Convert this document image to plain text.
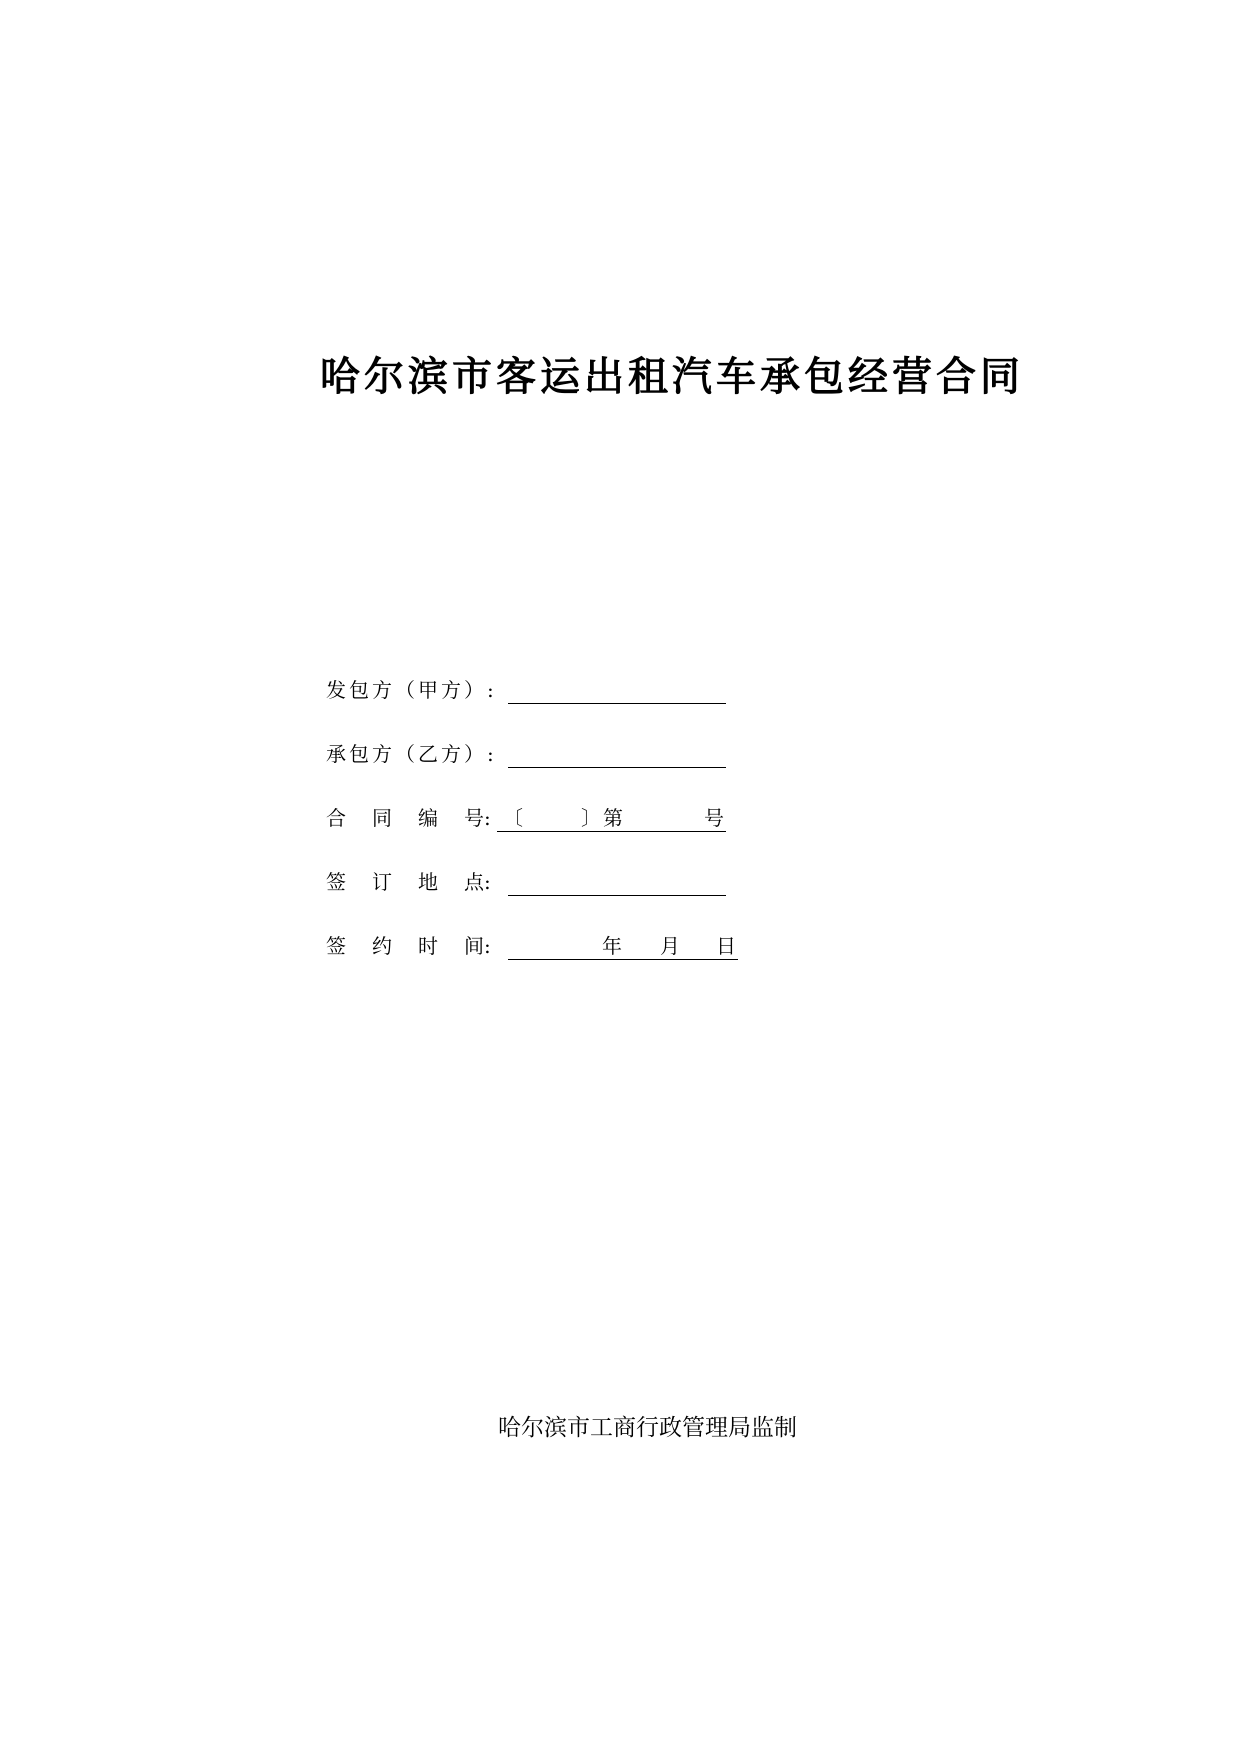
哈尔滨市客运出租汽车承包经营合同
发包方（甲方）:
承包方（乙方）:
合 同 编 号: 〔	〕 第	号
签 订 地 点:
签 约 时 间:	年 月 日
哈尔滨市工商行政管理局监制
